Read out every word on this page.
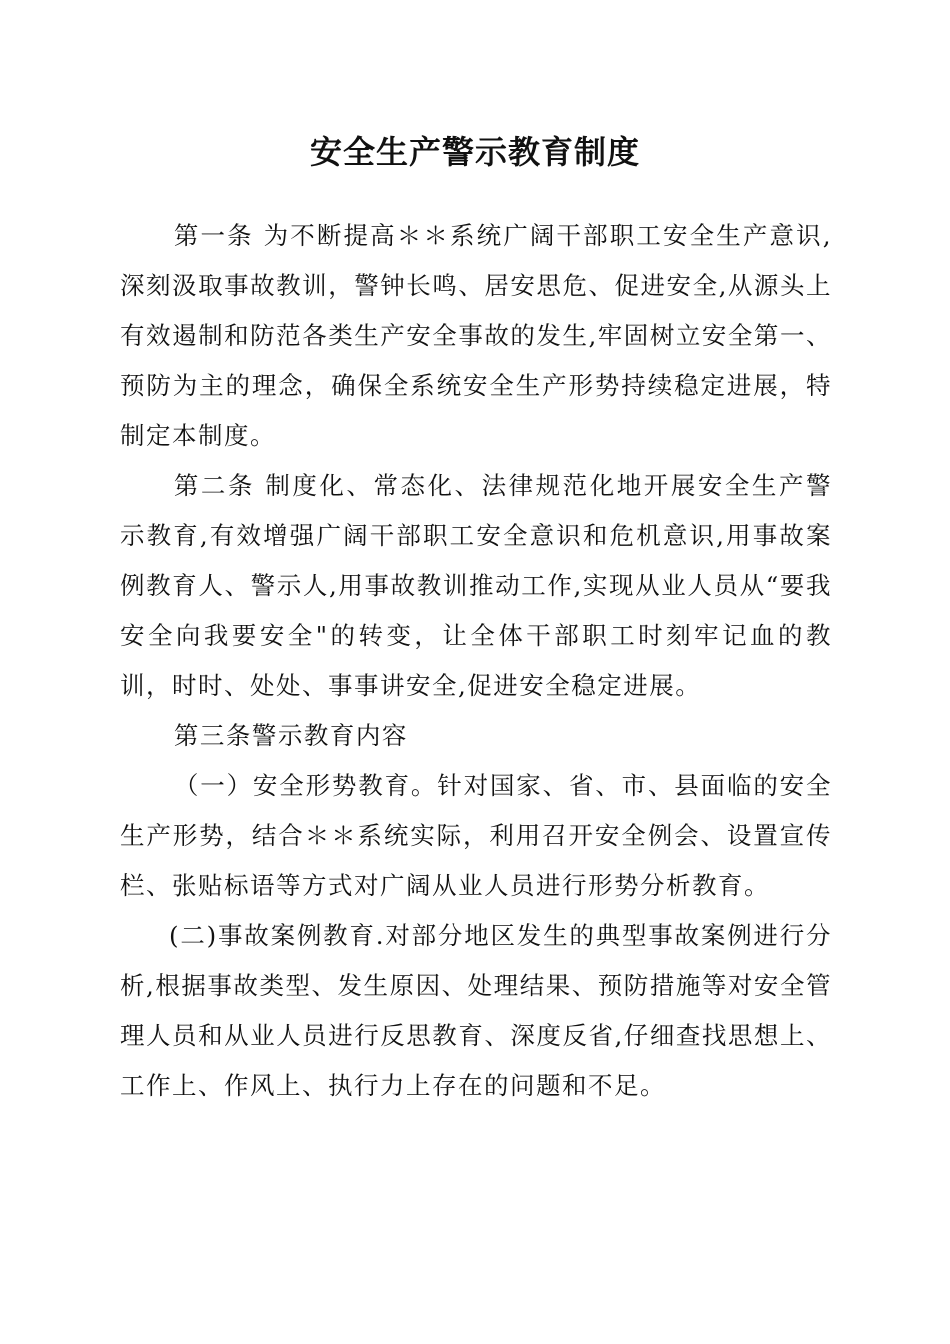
安全生产警示教育制度

第一条 为不断提高＊＊系统广阔干部职工安全生产意识,深刻汲取事故教训，警钟长鸣、居安思危、促进安全,从源头上有效遏制和防范各类生产安全事故的发生,牢固树立安全第一、预防为主的理念，确保全系统安全生产形势持续稳定进展，特制定本制度。

第二条 制度化、常态化、法律规范化地开展安全生产警示教育,有效增强广阔干部职工安全意识和危机意识,用事故案例教育人、警示人,用事故教训推动工作,实现从业人员从“要我安全向我要安全"的转变，让全体干部职工时刻牢记血的教训，时时、处处、事事讲安全,促进安全稳定进展。

第三条警示教育内容

（一）安全形势教育。针对国家、省、市、县面临的安全生产形势，结合＊＊系统实际，利用召开安全例会、设置宣传栏、张贴标语等方式对广阔从业人员进行形势分析教育。

(二)事故案例教育.对部分地区发生的典型事故案例进行分析,根据事故类型、发生原因、处理结果、预防措施等对安全管理人员和从业人员进行反思教育、深度反省,仔细查找思想上、工作上、作风上、执行力上存在的问题和不足。
